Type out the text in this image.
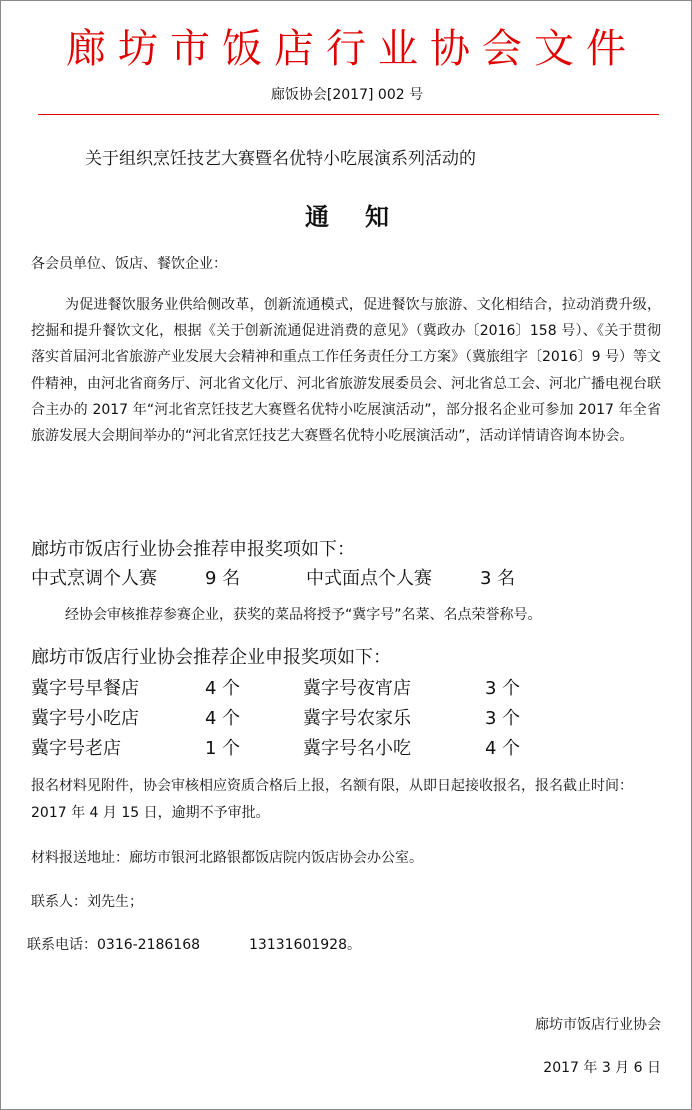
廊坊市饭店行业协会文件
廊饭协会[2017] 002 号
关于组织烹饪技艺大赛暨名优特小吃展演系列活动的
通知
各会员单位、饭店、餐饮企业：
为促进餐饮服务业供给侧改革，创新流通模式，促进餐饮与旅游、文化相结合，拉动消费升级，挖掘和提升餐饮文化，根据《关于创新流通促进消费的意见》（冀政办〔2016〕158 号）、《关于贯彻落实首届河北省旅游产业发展大会精神和重点工作任务责任分工方案》（冀旅组字〔2016〕9 号）等文件精神，由河北省商务厅、河北省文化厅、河北省旅游发展委员会、河北省总工会、河北广播电视台联合主办的 2017 年“河北省烹饪技艺大赛暨名优特小吃展演活动”，部分报名企业可参加 2017 年全省旅游发展大会期间举办的“河北省烹饪技艺大赛暨名优特小吃展演活动”，活动详情请咨询本协会。
廊坊市饭店行业协会推荐申报奖项如下：
中式烹调个人赛	9 名	中式面点个人赛	3 名
经协会审核推荐参赛企业，获奖的菜品将授予“冀字号”名菜、名点荣誉称号。
廊坊市饭店行业协会推荐企业申报奖项如下：
冀字号早餐店	4 个	冀字号夜宵店	3 个
冀字号小吃店	4 个	冀字号农家乐	3 个
冀字号老店	1 个	冀字号名小吃	4 个
报名材料见附件，协会审核相应资质合格后上报，名额有限，从即日起接收报名，报名截止时间：2017 年 4 月 15 日，逾期不予审批。
材料报送地址：廊坊市银河北路银都饭店院内饭店协会办公室。
联系人：刘先生；
联系电话：0316-2186168	13131601928。
廊坊市饭店行业协会
2017 年 3 月 6 日
